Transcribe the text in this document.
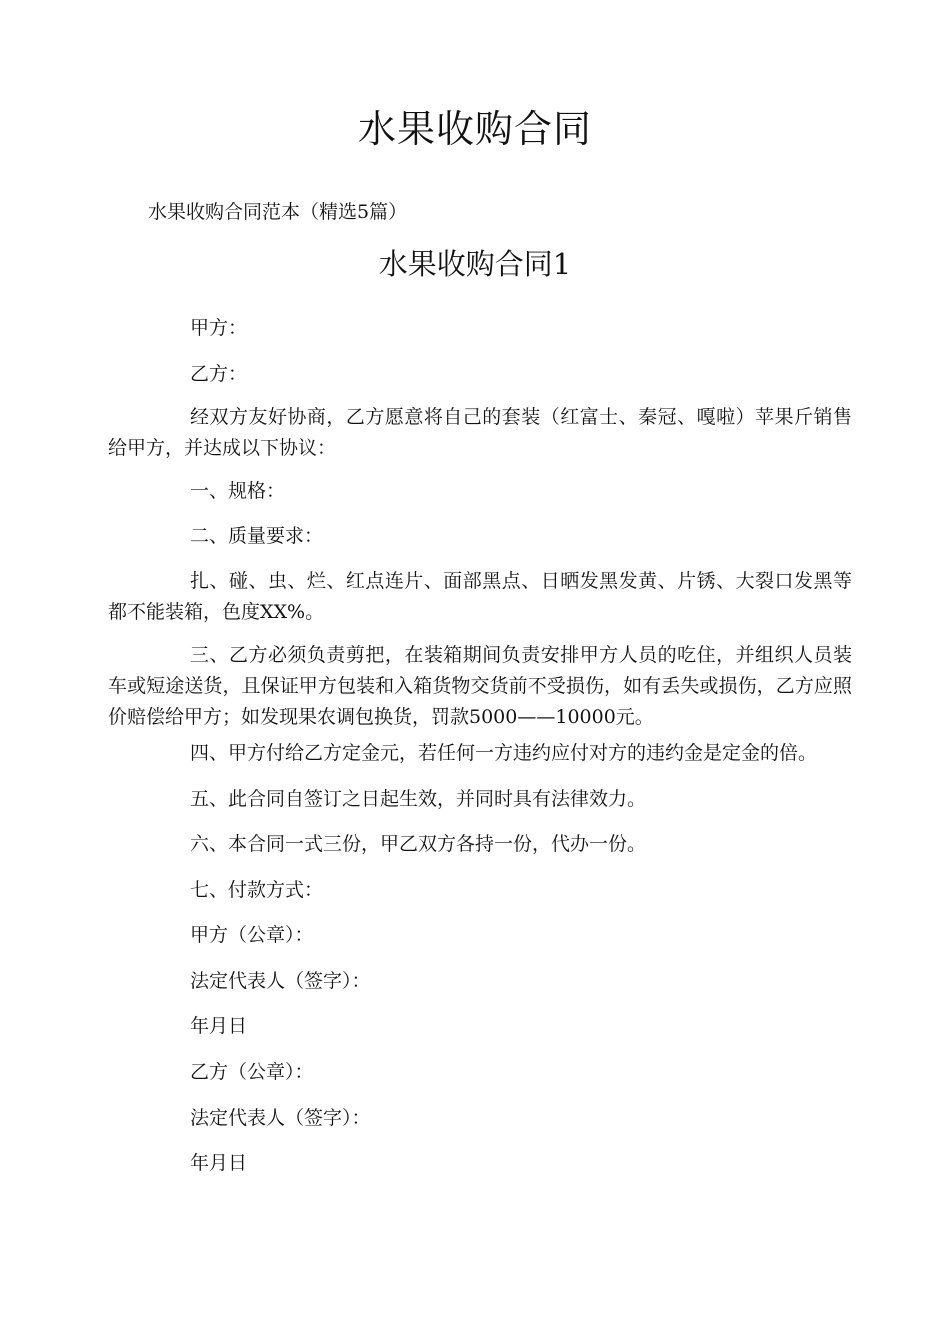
水果收购合同

水果收购合同范本（精选5篇）

水果收购合同1

甲方：

乙方：

经双方友好协商，乙方愿意将自己的套装（红富士、秦冠、嘎啦）苹果斤销售给甲方，并达成以下协议：

一、规格：

二、质量要求：

扎、碰、虫、烂、红点连片、面部黑点、日晒发黑发黄、片锈、大裂口发黑等都不能装箱，色度XX%。

三、乙方必须负责剪把，在装箱期间负责安排甲方人员的吃住，并组织人员装车或短途送货，且保证甲方包装和入箱货物交货前不受损伤，如有丢失或损伤，乙方应照价赔偿给甲方；如发现果农调包换货，罚款5000——10000元。

四、甲方付给乙方定金元，若任何一方违约应付对方的违约金是定金的倍。

五、此合同自签订之日起生效，并同时具有法律效力。

六、本合同一式三份，甲乙双方各持一份，代办一份。

七、付款方式：

甲方（公章）：

法定代表人（签字）：

年月日

乙方（公章）：

法定代表人（签字）：

年月日
